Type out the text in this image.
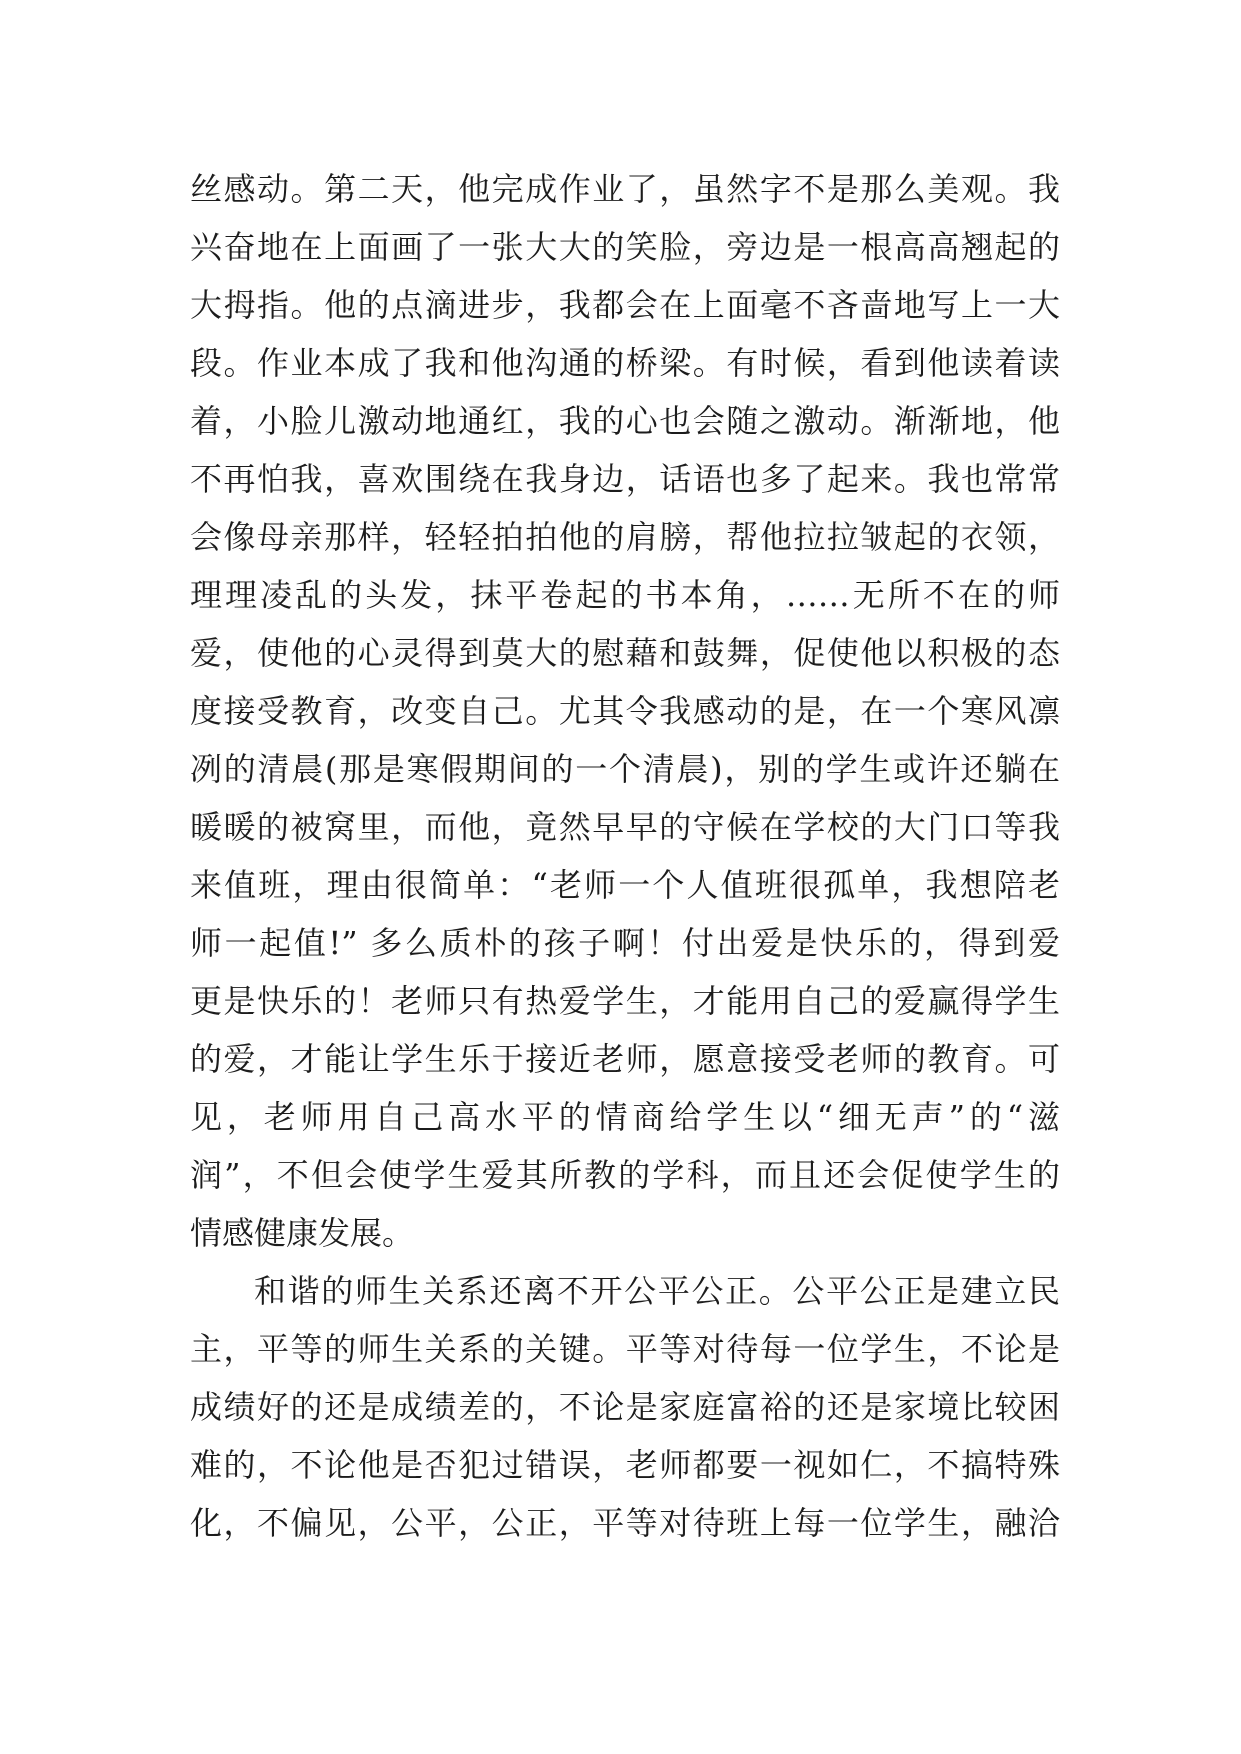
丝感动。第二天，他完成作业了，虽然字不是那么美观。我
兴奋地在上面画了一张大大的笑脸，旁边是一根高高翘起的
大拇指。他的点滴进步，我都会在上面毫不吝啬地写上一大
段。作业本成了我和他沟通的桥梁。有时候，看到他读着读
着，小脸儿激动地通红，我的心也会随之激动。渐渐地，他
不再怕我，喜欢围绕在我身边，话语也多了起来。我也常常
会像母亲那样，轻轻拍拍他的肩膀，帮他拉拉皱起的衣领，
理理凌乱的头发，抹平卷起的书本角，……无所不在的师
爱，使他的心灵得到莫大的慰藉和鼓舞，促使他以积极的态
度接受教育，改变自己。尤其令我感动的是，在一个寒风凛
冽的清晨(那是寒假期间的一个清晨)，别的学生或许还躺在
暖暖的被窝里，而他，竟然早早的守候在学校的大门口等我
来值班，理由很简单：“老师一个人值班很孤单，我想陪老
师一起值!” 多么质朴的孩子啊！付出爱是快乐的，得到爱
更是快乐的！老师只有热爱学生，才能用自己的爱赢得学生
的爱，才能让学生乐于接近老师，愿意接受老师的教育。可
见，老师用自己高水平的情商给学生以“细无声”的“滋
润”，不但会使学生爱其所教的学科，而且还会促使学生的
情感健康发展。
和谐的师生关系还离不开公平公正。公平公正是建立民
主，平等的师生关系的关键。平等对待每一位学生，不论是
成绩好的还是成绩差的，不论是家庭富裕的还是家境比较困
难的，不论他是否犯过错误，老师都要一视如仁，不搞特殊
化，不偏见，公平，公正，平等对待班上每一位学生，融洽
